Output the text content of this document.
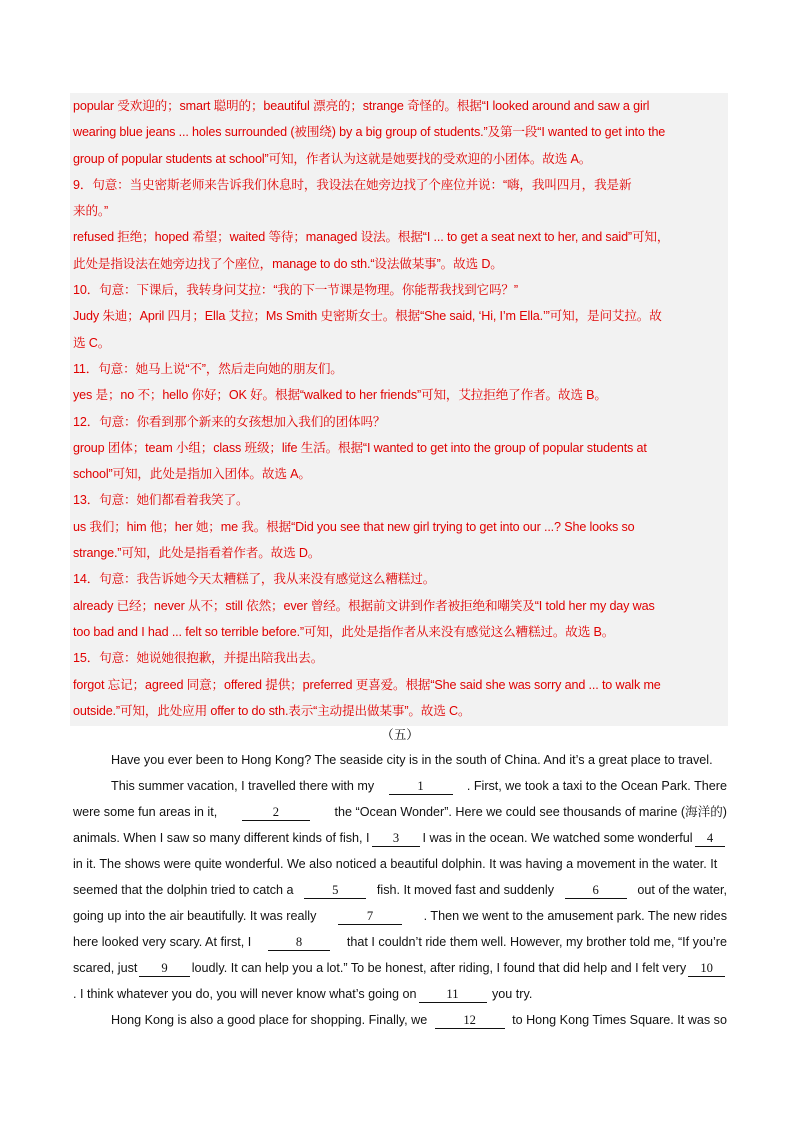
popular 受欢迎的；smart 聪明的；beautiful 漂亮的；strange 奇怪的。根据“I looked around and saw a girl
wearing blue jeans ... holes surrounded (被围绕) by a big group of students.”及第一段“I wanted to get into the
group of popular students at school”可知，作者认为这就是她要找的受欢迎的小团体。故选 A。
9．句意：当史密斯老师来告诉我们休息时，我设法在她旁边找了个座位并说：“嗨，我叫四月，我是新
来的。”
refused 拒绝；hoped 希望；waited 等待；managed 设法。根据“I ... to get a seat next to her, and said”可知，
此处是指设法在她旁边找了个座位，manage to do sth.“设法做某事”。故选 D。
10．句意：下课后，我转身问艾拉：“我的下一节课是物理。你能帮我找到它吗？”
Judy 朱迪；April 四月；Ella 艾拉；Ms Smith 史密斯女士。根据“She said, ‘Hi, I’m Ella.’”可知，是问艾拉。故
选 C。
11．句意：她马上说“不”，然后走向她的朋友们。
yes 是；no 不；hello 你好；OK 好。根据“walked to her friends”可知，艾拉拒绝了作者。故选 B。
12．句意：你看到那个新来的女孩想加入我们的团体吗？
group 团体；team 小组；class 班级；life 生活。根据“I wanted to get into the group of popular students at
school”可知，此处是指加入团体。故选 A。
13．句意：她们都看着我笑了。
us 我们；him 他；her 她；me 我。根据“Did you see that new girl trying to get into our ...? She looks so
strange.”可知，此处是指看着作者。故选 D。
14．句意：我告诉她今天太糟糕了，我从来没有感觉这么糟糕过。
already 已经；never 从不；still 依然；ever 曾经。根据前文讲到作者被拒绝和嘲笑及“I told her my day was
too bad and I had ... felt so terrible before.”可知，此处是指作者从来没有感觉这么糟糕过。故选 B。
15．句意：她说她很抱歉，并提出陪我出去。
forgot 忘记；agreed 同意；offered 提供；preferred 更喜爱。根据“She said she was sorry and ... to walk me
outside.”可知，此处应用 offer to do sth.表示“主动提出做某事”。故选 C。
（五）
Have you ever been to Hong Kong? The seaside city is in the south of China. And it’s a great place to travel.
This summer vacation, I travelled there with my	1	. First, we took a taxi to the Ocean Park. There
were some fun areas in it,	2	the “Ocean Wonder”. Here we could see thousands of marine (海洋的)
animals. When I saw so many different kinds of fish, I	3	I was in the ocean. We watched some wonderful	4
in it. The shows were quite wonderful. We also noticed a beautiful dolphin. It was having a movement in the water. It
seemed that the dolphin tried to catch a	5	fish. It moved fast and suddenly	6	out of the water,
going up into the air beautifully. It was really	7	. Then we went to the amusement park. The new rides
here looked very scary. At first, I	8	that I couldn’t ride them well. However, my brother told me, “If you’re
scared, just	9	loudly. It can help you a lot.” To be honest, after riding, I found that did help and I felt very	10
. I think whatever you do, you will never know what’s going on	11	you try.
Hong Kong is also a good place for shopping. Finally, we	12	to Hong Kong Times Square. It was so
